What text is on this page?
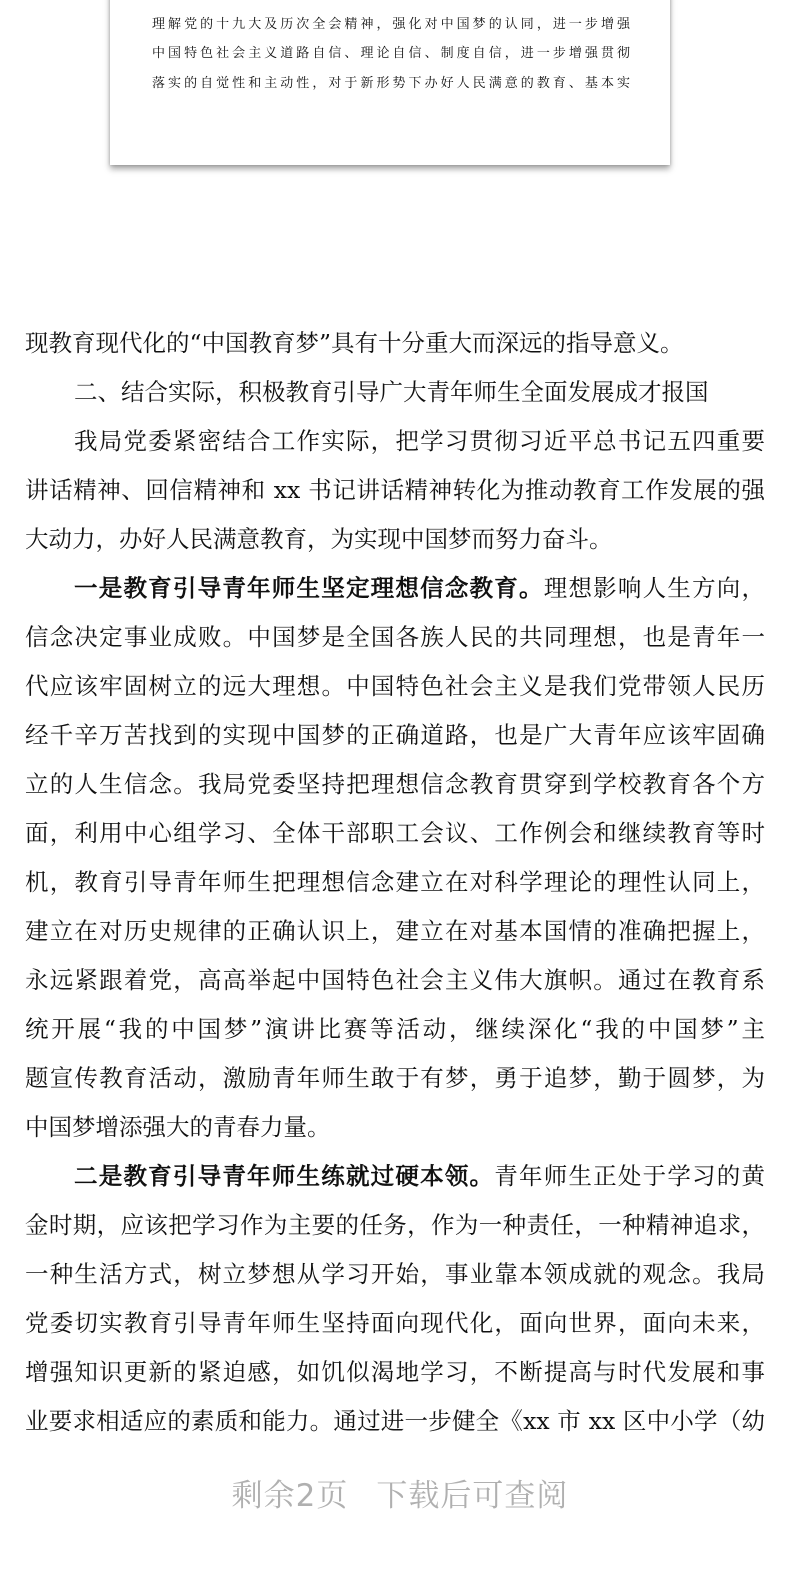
理解党的十九大及历次全会精神，强化对中国梦的认同，进一步增强
中国特色社会主义道路自信、理论自信、制度自信，进一步增强贯彻
落实的自觉性和主动性，对于新形势下办好人民满意的教育、基本实
现教育现代化的“中国教育梦”具有十分重大而深远的指导意义。
二、结合实际，积极教育引导广大青年师生全面发展成才报国
我局党委紧密结合工作实际，把学习贯彻习近平总书记五四重要
讲话精神、回信精神和 xx 书记讲话精神转化为推动教育工作发展的强
大动力，办好人民满意教育，为实现中国梦而努力奋斗。
一是教育引导青年师生坚定理想信念教育。理想影响人生方向，
信念决定事业成败。中国梦是全国各族人民的共同理想，也是青年一
代应该牢固树立的远大理想。中国特色社会主义是我们党带领人民历
经千辛万苦找到的实现中国梦的正确道路，也是广大青年应该牢固确
立的人生信念。我局党委坚持把理想信念教育贯穿到学校教育各个方
面，利用中心组学习、全体干部职工会议、工作例会和继续教育等时
机，教育引导青年师生把理想信念建立在对科学理论的理性认同上，
建立在对历史规律的正确认识上，建立在对基本国情的准确把握上，
永远紧跟着党，高高举起中国特色社会主义伟大旗帜。通过在教育系
统开展“我的中国梦”演讲比赛等活动，继续深化“我的中国梦”主
题宣传教育活动，激励青年师生敢于有梦，勇于追梦，勤于圆梦，为
中国梦增添强大的青春力量。
二是教育引导青年师生练就过硬本领。青年师生正处于学习的黄
金时期，应该把学习作为主要的任务，作为一种责任，一种精神追求，
一种生活方式，树立梦想从学习开始，事业靠本领成就的观念。我局
党委切实教育引导青年师生坚持面向现代化，面向世界，面向未来，
增强知识更新的紧迫感，如饥似渴地学习，不断提高与时代发展和事
业要求相适应的素质和能力。通过进一步健全《xx 市 xx 区中小学（幼
剩余2页 下载后可查阅
